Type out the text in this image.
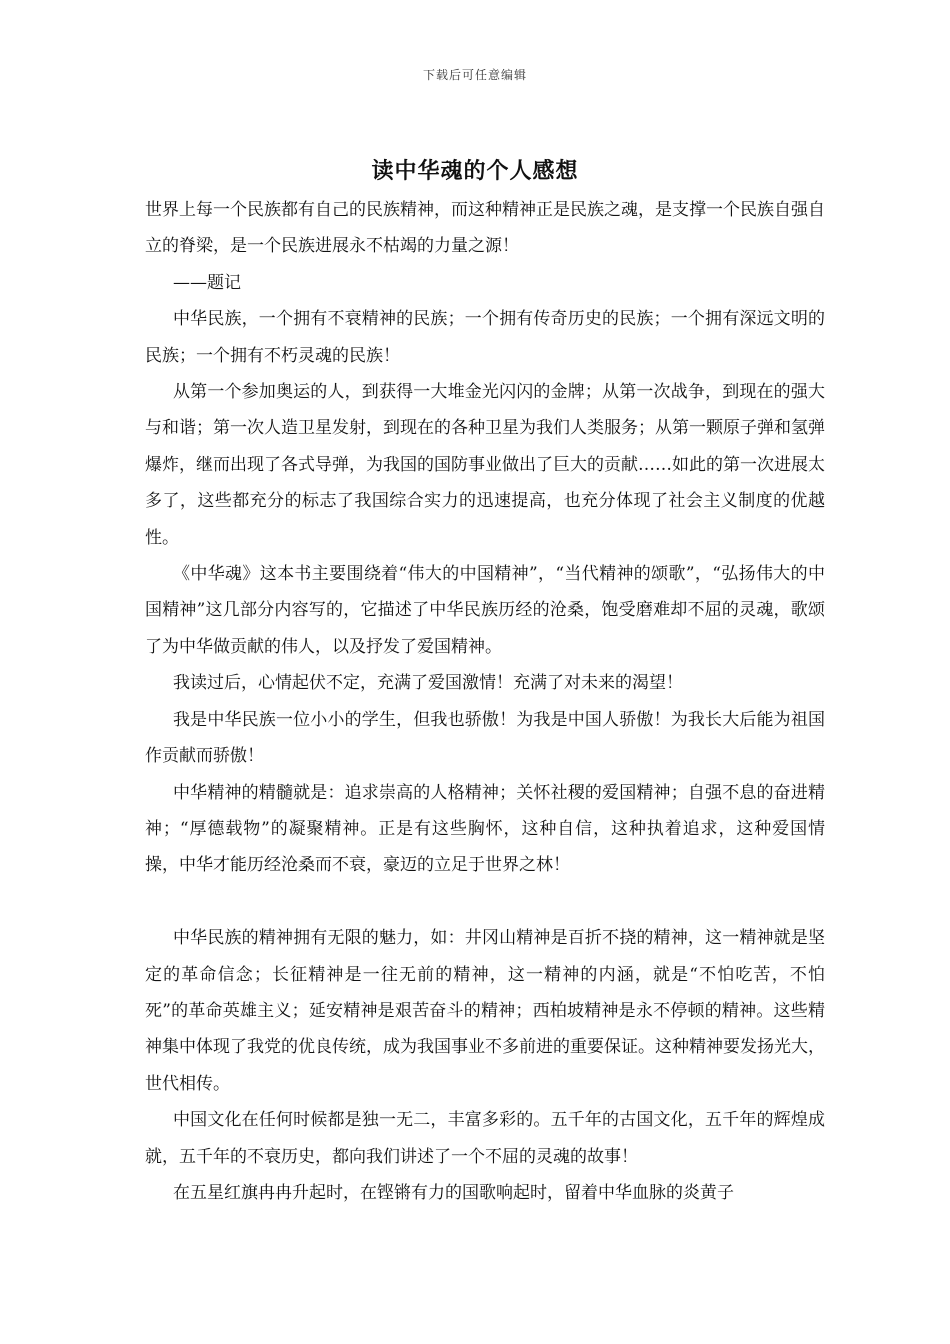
下载后可任意编辑
读中华魂的个人感想

世界上每一个民族都有自己的民族精神，而这种精神正是民族之魂，是支撑一个民族自强自立的脊梁，是一个民族进展永不枯竭的力量之源！

——题记

中华民族，一个拥有不衰精神的民族；一个拥有传奇历史的民族；一个拥有深远文明的民族；一个拥有不朽灵魂的民族！

从第一个参加奥运的人，到获得一大堆金光闪闪的金牌；从第一次战争，到现在的强大与和谐；第一次人造卫星发射，到现在的各种卫星为我们人类服务；从第一颗原子弹和氢弹爆炸，继而出现了各式导弹，为我国的国防事业做出了巨大的贡献……如此的第一次进展太多了，这些都充分的标志了我国综合实力的迅速提高，也充分体现了社会主义制度的优越性。

《中华魂》这本书主要围绕着“伟大的中国精神”，“当代精神的颂歌”，“弘扬伟大的中国精神”这几部分内容写的，它描述了中华民族历经的沧桑，饱受磨难却不屈的灵魂，歌颂了为中华做贡献的伟人，以及抒发了爱国精神。

我读过后，心情起伏不定，充满了爱国激情！充满了对未来的渴望！

我是中华民族一位小小的学生，但我也骄傲！为我是中国人骄傲！为我长大后能为祖国作贡献而骄傲！

中华精神的精髓就是：追求崇高的人格精神；关怀社稷的爱国精神；自强不息的奋进精神；“厚德载物”的凝聚精神。正是有这些胸怀，这种自信，这种执着追求，这种爱国情操，中华才能历经沧桑而不衰，豪迈的立足于世界之林！

中华民族的精神拥有无限的魅力，如：井冈山精神是百折不挠的精神，这一精神就是坚定的革命信念；长征精神是一往无前的精神，这一精神的内涵，就是“不怕吃苦，不怕死”的革命英雄主义；延安精神是艰苦奋斗的精神；西柏坡精神是永不停顿的精神。这些精神集中体现了我党的优良传统，成为我国事业不多前进的重要保证。这种精神要发扬光大，世代相传。

中国文化在任何时候都是独一无二，丰富多彩的。五千年的古国文化，五千年的辉煌成就，五千年的不衰历史，都向我们讲述了一个不屈的灵魂的故事！

在五星红旗冉冉升起时，在铿锵有力的国歌响起时，留着中华血脉的炎黄子
